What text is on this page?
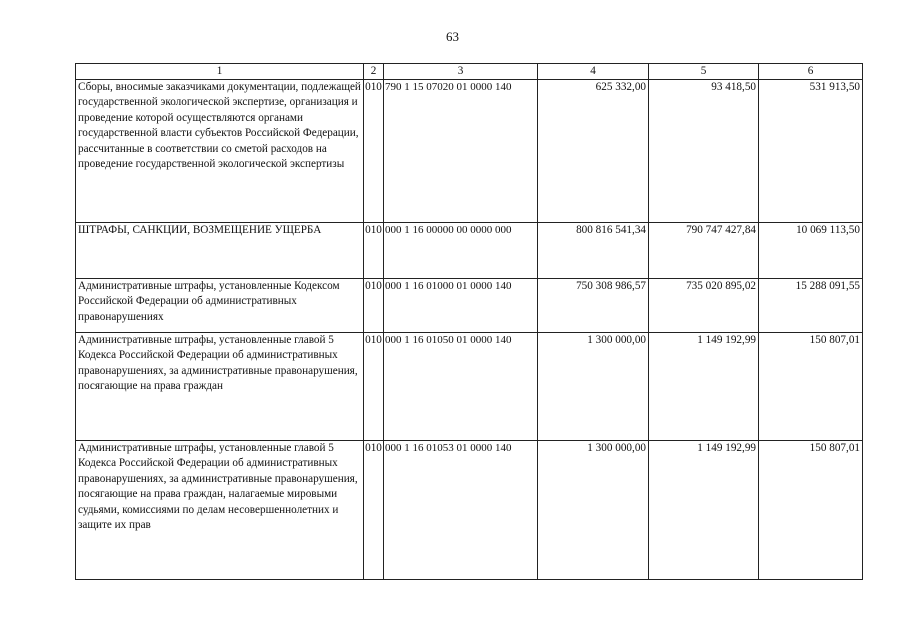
63
1	2	3	4	5	6
Сборы, вносимые заказчиками документации, подлежащей государственной экологической экспертизе, организация и проведение которой осуществляются органами государственной власти субъектов Российской Федерации, рассчитанные в соответствии со сметой расходов на проведение государственной экологической экспертизы	010	790 1 15 07020 01 0000 140	625 332,00	93 418,50	531 913,50
ШТРАФЫ, САНКЦИИ, ВОЗМЕЩЕНИЕ УЩЕРБА	010	000 1 16 00000 00 0000 000	800 816 541,34	790 747 427,84	10 069 113,50
Административные штрафы, установленные Кодексом Российской Федерации об административных правонарушениях	010	000 1 16 01000 01 0000 140	750 308 986,57	735 020 895,02	15 288 091,55
Административные штрафы, установленные главой 5 Кодекса Российской Федерации об административных правонарушениях, за административные правонарушения, посягающие на права граждан	010	000 1 16 01050 01 0000 140	1 300 000,00	1 149 192,99	150 807,01
Административные штрафы, установленные главой 5 Кодекса Российской Федерации об административных правонарушениях, за административные правонарушения, посягающие на права граждан, налагаемые мировыми судьями, комиссиями по делам несовершеннолетних и защите их прав	010	000 1 16 01053 01 0000 140	1 300 000,00	1 149 192,99	150 807,01
